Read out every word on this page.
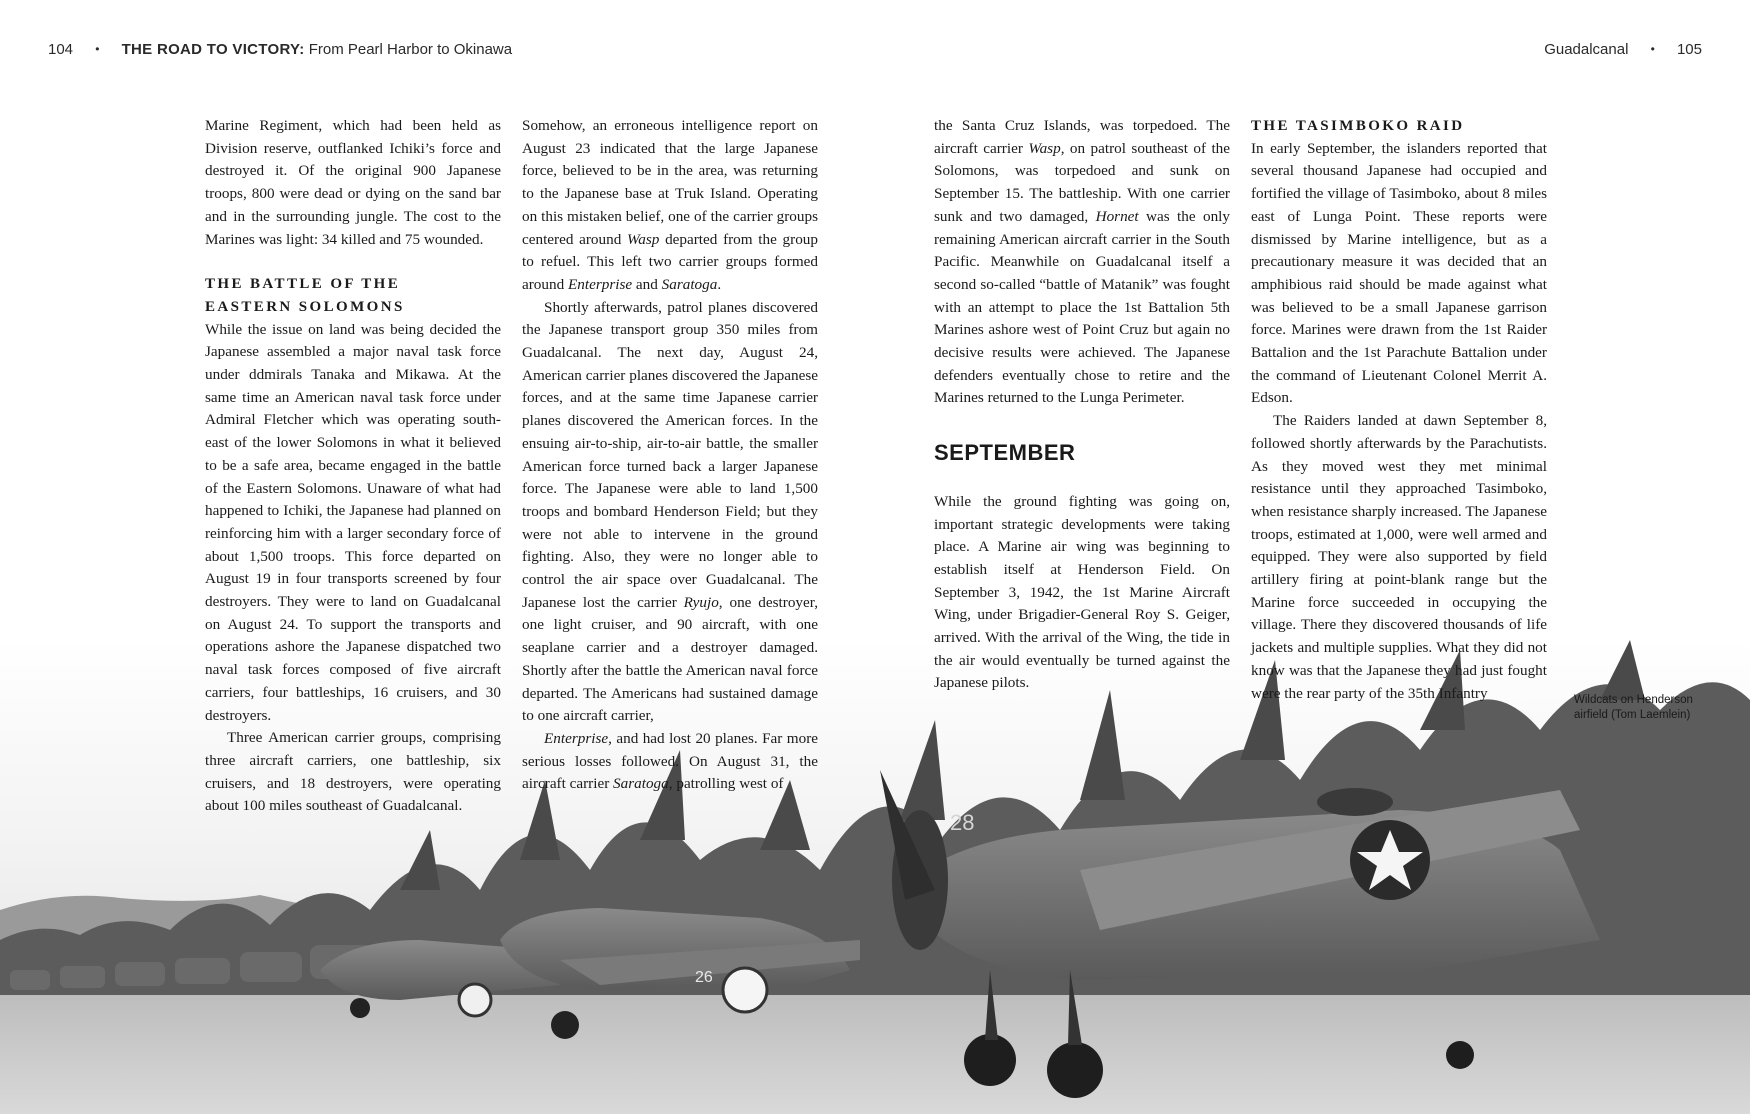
104 • THE ROAD TO VICTORY: From Pearl Harbor to Okinawa	Guadalcanal • 105
26
28

Marine Regiment, which had been held as Division reserve, outflanked Ichiki’s force and destroyed it. Of the original 900 Japanese troops, 800 were dead or dying on the sand bar and in the surrounding jungle. The cost to the Marines was light: 34 killed and 75 wounded.

THE BATTLE OF THE
EASTERN SOLOMONS

While the issue on land was being decided the Japanese assembled a major naval task force under ddmirals Tanaka and Mikawa. At the same time an American naval task force under Admiral Fletcher which was operating south-east of the lower Solomons in what it believed to be a safe area, became engaged in the battle of the Eastern Solomons. Unaware of what had happened to Ichiki, the Japanese had planned on reinforcing him with a larger secondary force of about 1,500 troops. This force departed on August 19 in four transports screened by four destroyers. They were to land on Guadalcanal on August 24. To support the transports and operations ashore the Japanese dispatched two naval task forces composed of five aircraft carriers, four battleships, 16 cruisers, and 30 destroyers.

Three American carrier groups, comprising three aircraft carriers, one battleship, six cruisers, and 18 destroyers, were operating about 100 miles southeast of Guadalcanal.

Somehow, an erroneous intelligence report on August 23 indicated that the large Japanese force, believed to be in the area, was returning to the Japanese base at Truk Island. Operating on this mistaken belief, one of the carrier groups centered around Wasp departed from the group to refuel. This left two carrier groups formed around Enterprise and Saratoga.

Shortly afterwards, patrol planes discovered the Japanese transport group 350 miles from Guadalcanal. The next day, August 24, American carrier planes discovered the Japanese forces, and at the same time Japanese carrier planes discovered the American forces. In the ensuing air-to-ship, air-to-air battle, the smaller American force turned back a larger Japanese force. The Japanese were able to land 1,500 troops and bombard Henderson Field; but they were not able to intervene in the ground fighting. Also, they were no longer able to control the air space over Guadalcanal. The Japanese lost the carrier Ryujo, one destroyer, one light cruiser, and 90 aircraft, with one seaplane carrier and a destroyer damaged. Shortly after the battle the American naval force departed. The Americans had sustained damage to one aircraft carrier,

Enterprise, and had lost 20 planes. Far more serious losses followed. On August 31, the aircraft carrier Saratoga, patrolling west of

the Santa Cruz Islands, was torpedoed. The aircraft carrier Wasp, on patrol southeast of the Solomons, was torpedoed and sunk on September 15. The battleship. With one carrier sunk and two damaged, Hornet was the only remaining American aircraft carrier in the South Pacific. Meanwhile on Guadalcanal itself a second so-called “battle of Matanik” was fought with an attempt to place the 1st Battalion 5th Marines ashore west of Point Cruz but again no decisive results were achieved. The Japanese defenders eventually chose to retire and the Marines returned to the Lunga Perimeter.

SEPTEMBER

While the ground fighting was going on, important strategic developments were taking place. A Marine air wing was beginning to establish itself at Henderson Field. On September 3, 1942, the 1st Marine Aircraft Wing, under Brigadier-General Roy S. Geiger, arrived. With the arrival of the Wing, the tide in the air would eventually be turned against the Japanese pilots.

THE TASIMBOKO RAID

In early September, the islanders reported that several thousand Japanese had occupied and fortified the village of Tasimboko, about 8 miles east of Lunga Point. These reports were dismissed by Marine intelligence, but as a precautionary measure it was decided that an amphibious raid should be made against what was believed to be a small Japanese garrison force. Marines were drawn from the 1st Raider Battalion and the 1st Parachute Battalion under the command of Lieutenant Colonel Merrit A. Edson.

The Raiders landed at dawn September 8, followed shortly afterwards by the Parachutists. As they moved west they met minimal resistance until they approached Tasimboko, when resistance sharply increased. The Japanese troops, estimated at 1,000, were well armed and equipped. They were also supported by field artillery firing at point-blank range but the Marine force succeeded in occupying the village. There they discovered thousands of life jackets and multiple supplies. What they did not know was that the Japanese they had just fought were the rear party of the 35th Infantry	Wildcats on Henderson
airfield (Tom Laemlein)
